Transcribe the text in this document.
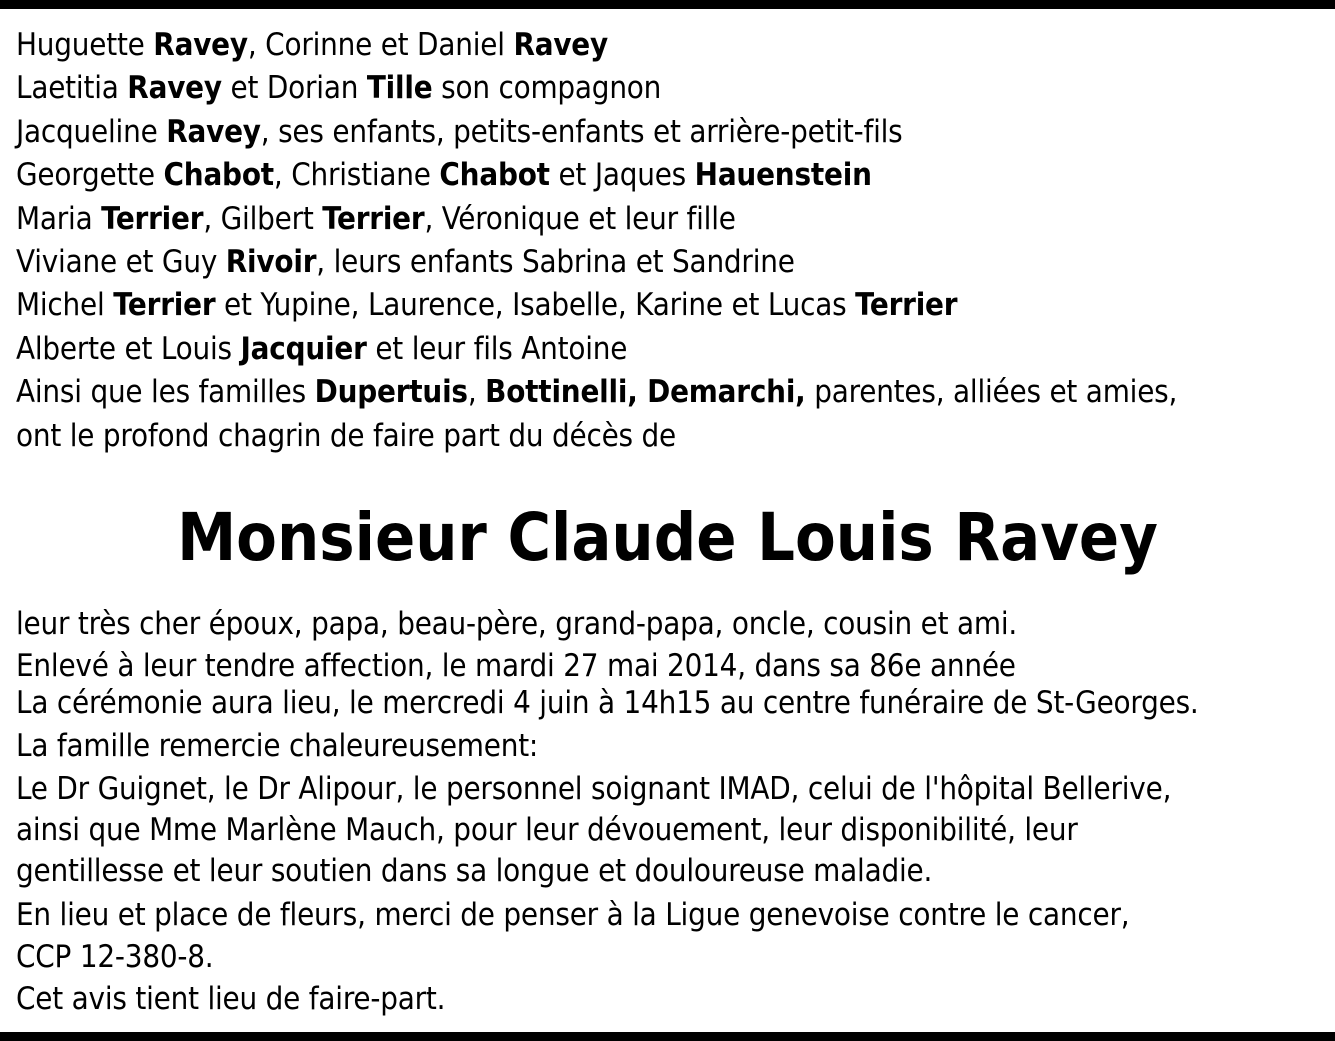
Huguette Ravey, Corinne et Daniel Ravey
Laetitia Ravey et Dorian Tille son compagnon
Jacqueline Ravey, ses enfants, petits-enfants et arrière-petit-fils
Georgette Chabot, Christiane Chabot et Jaques Hauenstein
Maria Terrier, Gilbert Terrier, Véronique et leur fille
Viviane et Guy Rivoir, leurs enfants Sabrina et Sandrine
Michel Terrier et Yupine, Laurence, Isabelle, Karine et Lucas Terrier
Alberte et Louis Jacquier et leur fils Antoine
Ainsi que les familles Dupertuis, Bottinelli, Demarchi, parentes, alliées et amies,
ont le profond chagrin de faire part du décès de
Monsieur Claude Louis Ravey
leur très cher époux, papa, beau-père, grand-papa, oncle, cousin et ami.
Enlevé à leur tendre affection, le mardi 27 mai 2014, dans sa 86e année
La cérémonie aura lieu, le mercredi 4 juin à 14h15 au centre funéraire de St-Georges.
La famille remercie chaleureusement:
Le Dr Guignet, le Dr Alipour, le personnel soignant IMAD, celui de l'hôpital Bellerive,
ainsi que Mme Marlène Mauch, pour leur dévouement, leur disponibilité, leur
gentillesse et leur soutien dans sa longue et douloureuse maladie.
En lieu et place de fleurs, merci de penser à la Ligue genevoise contre le cancer,
CCP 12-380-8.
Cet avis tient lieu de faire-part.
